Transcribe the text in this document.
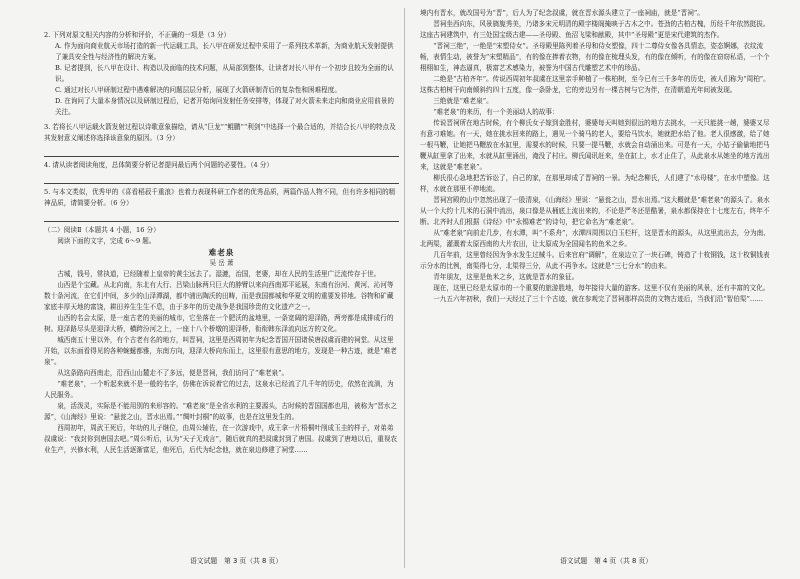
2. 下列对原文相关内容的分析和评价，不正确的一项是（3 分）

A. 作为面向商业航天市场打造的新一代运载工具，长八甲在研发过程中采用了一系列技术革新，为商业航天发射提供了兼具安全性与经济性的解决方案。

B. 记者提到，长八甲在设计、构造以及面临的技术问题，从局部到整体，让读者对长八甲有一个初步且较为全面的认识。

C. 通过对长八甲研制过程中遇难解决的问题层层分析，展现了火箭研制背后的复杂性和困难程度。

D. 在询问了大量本身情况以及研制过程后，记者开始询问发射任务安排等，体现了对火箭未来走向和商业应用前景的关注。

3. 若将长八甲运载火箭发射过程以诗歌意象描绘，请从“巨龙”“鲲鹏”“利剑”中选择一个最合适的，并结合长八甲的特点及其发射意义阐述你选择该意象的原因。（3 分）

4. 请从读者阅读角度，总体简要分析记者提问最后两个问题的必要性。（4 分）

5. 与本文类似，优秀甲的《喜看稻菽千重浪》也着力表现科研工作者的优秀品质，两篇作品人物不同，但有许多相同的精神品质，请简要分析。（6 分）

（二）阅读Ⅱ（本题共 4 小题，16 分）

阅读下面的文字，完成 6～9 题。

难老泉

吴 岳 萧

古城，钱号，常执道，已经随着上皇帝的黄尘远去了。湿漉，治国，老婆，却在人民的生活里广泛流传存于世。

山西是个宝藏。从北向南，东北有大行、吕梁山脉两只巨大的脖臂以来向西南郑平延展，东南有汾河、黄河、沁河等数十条河流，在它们中间，多少的山泽潭湖，都中浦出陶沃的田畴，而是我国都城和华夏文明的重要发祥地。谷物和矿藏家底丰厚天地的富饶，耕田养生生生不息，由于多年的历史战争是我国珍贵的文化遗产之一。

山西的名会太原，是一座古老的美丽的城市，它坐落在一个肥沃的盆地里，一条宽阔的迎泽路，两旁都是成排成行的树。迎泽路尽头是迎泽大桥，横跨汾河之上，一座十八个桥墩的迎泽桥，衔衔韩东泽流向远方的文化。

城西南五十里以外，有个古老有名的地方，叫晋祠，这里是西周初年为纪念晋国开国诸侯唐叔虞而建的祠堂。从这里开始，以东面看得见的各种蜿蜒都雅，东南方向，迎泽大桥向东而上，这里很有意思的地方，发现是一种古迹，就是“难老泉”。

从这条路向西南走，沿西山山麓走不了多远，便是晋祠，我们访问了“难老泉”。

“难老泉”，一个听起来就不是一般的名字，仿佛在诉说着它的过去，这泉水已经流了几千年的历史，依然在流淌，为人民服务。

泉，活泼灵，实际是不能用别的来形容的。“难老泉”是全省水利的主要源头，古时候的晋国国都也用，被称为“晋水之源”，《山海经》里说：“悬瓮之山，晋水出焉。”“绸叶封桐”的故事，也是在这里发生的。

西周初年，周武王死后，年幼的儿子继位，由周公辅佐，在一次游戏中，成王拿一片梧桐叶削成玉圭的样子，对弟弟叔虞说：“我封你到唐国去吧。”周公听后，认为“天子无戏言”，随后就真的把叔虞封到了唐国。叔虞到了唐地以后，重视农业生产，兴修水利，人民生活逐渐富足，他死后，后代为纪念他，就在泉边修建了祠堂……

境内有晋水，就改国号为“晋”，后人为了纪念叔虞，就在晋水源头建立了一座祠庙，就是“晋祠”。

晋祠坐西向东，风景旖旎秀美，乃诸多宋元明清的殿宇楼阁掩映于古木之中。苍劲的古柏古槐，历经千年依然挺拔。这座古祠建筑中，有三处国宝级古建——圣母殿、鱼沼飞梁和献殿，其中“圣母殿”更是宋代建筑的杰作。

“晋祠三绝”，一绝是“宋塑侍女”。圣母殿里陈列着圣母和侍女塑像，四十二尊侍女像各具情态，姿态婀娜，衣纹流畅，表情生动，被誉为“宋塑精品”，有的像在捧着衣物，有的像在梳理头发，有的像在倾听，有的像在窃窃私语，一个个栩栩如生，神态逼真，极富艺术感染力，被誉为中国古代雕塑艺术中的珍品。

二绝是“古柏齐年”。传说西周初年叔虞在这里亲手种植了一株柏树，至今已有三千多年的历史，被人们称为“周柏”。这株古柏树干向南倾斜约四十五度，像一条卧龙，它的旁边另有一棵古树与它为伴，在清朝道光年间被发现。

三绝就是“难老泉”。

“难老泉”的来历，有一个美丽动人的故事：

传说晋祠所在地古时候，有个柳氏女子嫁到金胜村，婆婆每天叫她到很远的地方去挑水，一天只能挑一趟，婆婆又尽有意刁难她。有一天，她在挑水回来的路上，遇见一个骑马的老人，要给马饮水，她就把水给了他。老人很感激，给了她一根马鞭，让她把马鞭放在水缸里，需要水的时候，只要一提马鞭，水就会自动涌出来。可是有一天，小姑子偷偷地把马鞭从缸里拿了出来，水就从缸里涌出，淹没了村庄。柳氏闻讯赶来，坐在缸上，水才止住了，从此泉水从她坐的地方流出来，这就是“难老泉”。

柳氏很心急地把苦诉讼了，自己的家，在那里却成了晋祠的一景。为纪念柳氏，人们建了“水母楼”，在水中塑像。这样，水就在那里不停地流。

晋祠宫殿的山中忽然出现了一股清泉，《山海经》里说：“悬瓮之山，晋水出焉。”这大概就是“难老泉”的源头了。泉水从一个大约十几米的石洞中流出，泉口像是从桶底上流出来的，不论是严冬还是酷暑，泉水都保持在十七度左右，终年不断。北齐时人们根据《诗经》中“永锡难老”的诗句，把它命名为“难老泉”。

从“难老泉”向前走几步，有水潭，叫“不系舟”，水潭四周围以白玉栏杆，这是晋水的源头，从这里流出去，分为南、北两渠，灌溉着太原西南的大片农田，让太原成为全国闻名的鱼米之乡。

几百年前，这里曾经因为争水发生过械斗。后来官府“调解”，在泉边立了一块石碑，铸造了十枚铜钱，这十枚铜钱表示分水的比例，南渠得七分，北渠得三分，从此不再争水。这就是“三七分水”的由来。

青年朋友，这里是鱼米之乡，这就是晋水的象征。

现在，这里已经是太原市的一个重要的旅游胜地，每年接待大量的游客。这里不仅有美丽的风景，还有丰富的文化。

一九五六年初秋，我们一天经过了三十个古迹，就在参观完了晋祠那样高贵的文物古迹后，当我们沿“智伯渠”……

语文试题　第 3 页（共 8 页）	语文试题　第 4 页（共 8 页）
